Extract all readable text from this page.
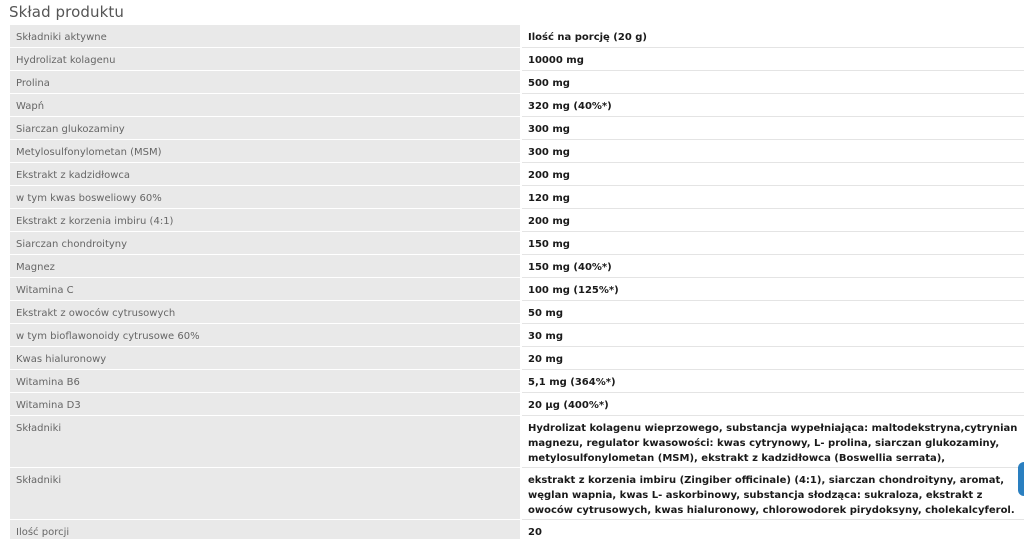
Skład produktu
Składniki aktywne	Ilość na porcję (20 g)
Hydrolizat kolagenu	10000 mg
Prolina	500 mg
Wapń	320 mg (40%*)
Siarczan glukozaminy	300 mg
Metylosulfonylometan (MSM)	300 mg
Ekstrakt z kadzidłowca	200 mg
w tym kwas bosweliowy 60%	120 mg
Ekstrakt z korzenia imbiru (4:1)	200 mg
Siarczan chondroityny	150 mg
Magnez	150 mg (40%*)
Witamina C	100 mg (125%*)
Ekstrakt z owoców cytrusowych	50 mg
w tym bioflawonoidy cytrusowe 60%	30 mg
Kwas hialuronowy	20 mg
Witamina B6	5,1 mg (364%*)
Witamina D3	20 µg (400%*)
Składniki	Hydrolizat kolagenu wieprzowego, substancja wypełniająca: maltodekstryna,cytrynian magnezu, regulator kwasowości: kwas cytrynowy, L- prolina, siarczan glukozaminy, metylosulfonylometan (MSM), ekstrakt z kadzidłowca (Boswellia serrata),
Składniki	ekstrakt z korzenia imbiru (Zingiber officinale) (4:1), siarczan chondroityny, aromat, węglan wapnia, kwas L- askorbinowy, substancja słodząca: sukraloza, ekstrakt z owoców cytrusowych, kwas hialuronowy, chlorowodorek pirydoksyny, cholekalcyferol.
Ilość porcji	20
